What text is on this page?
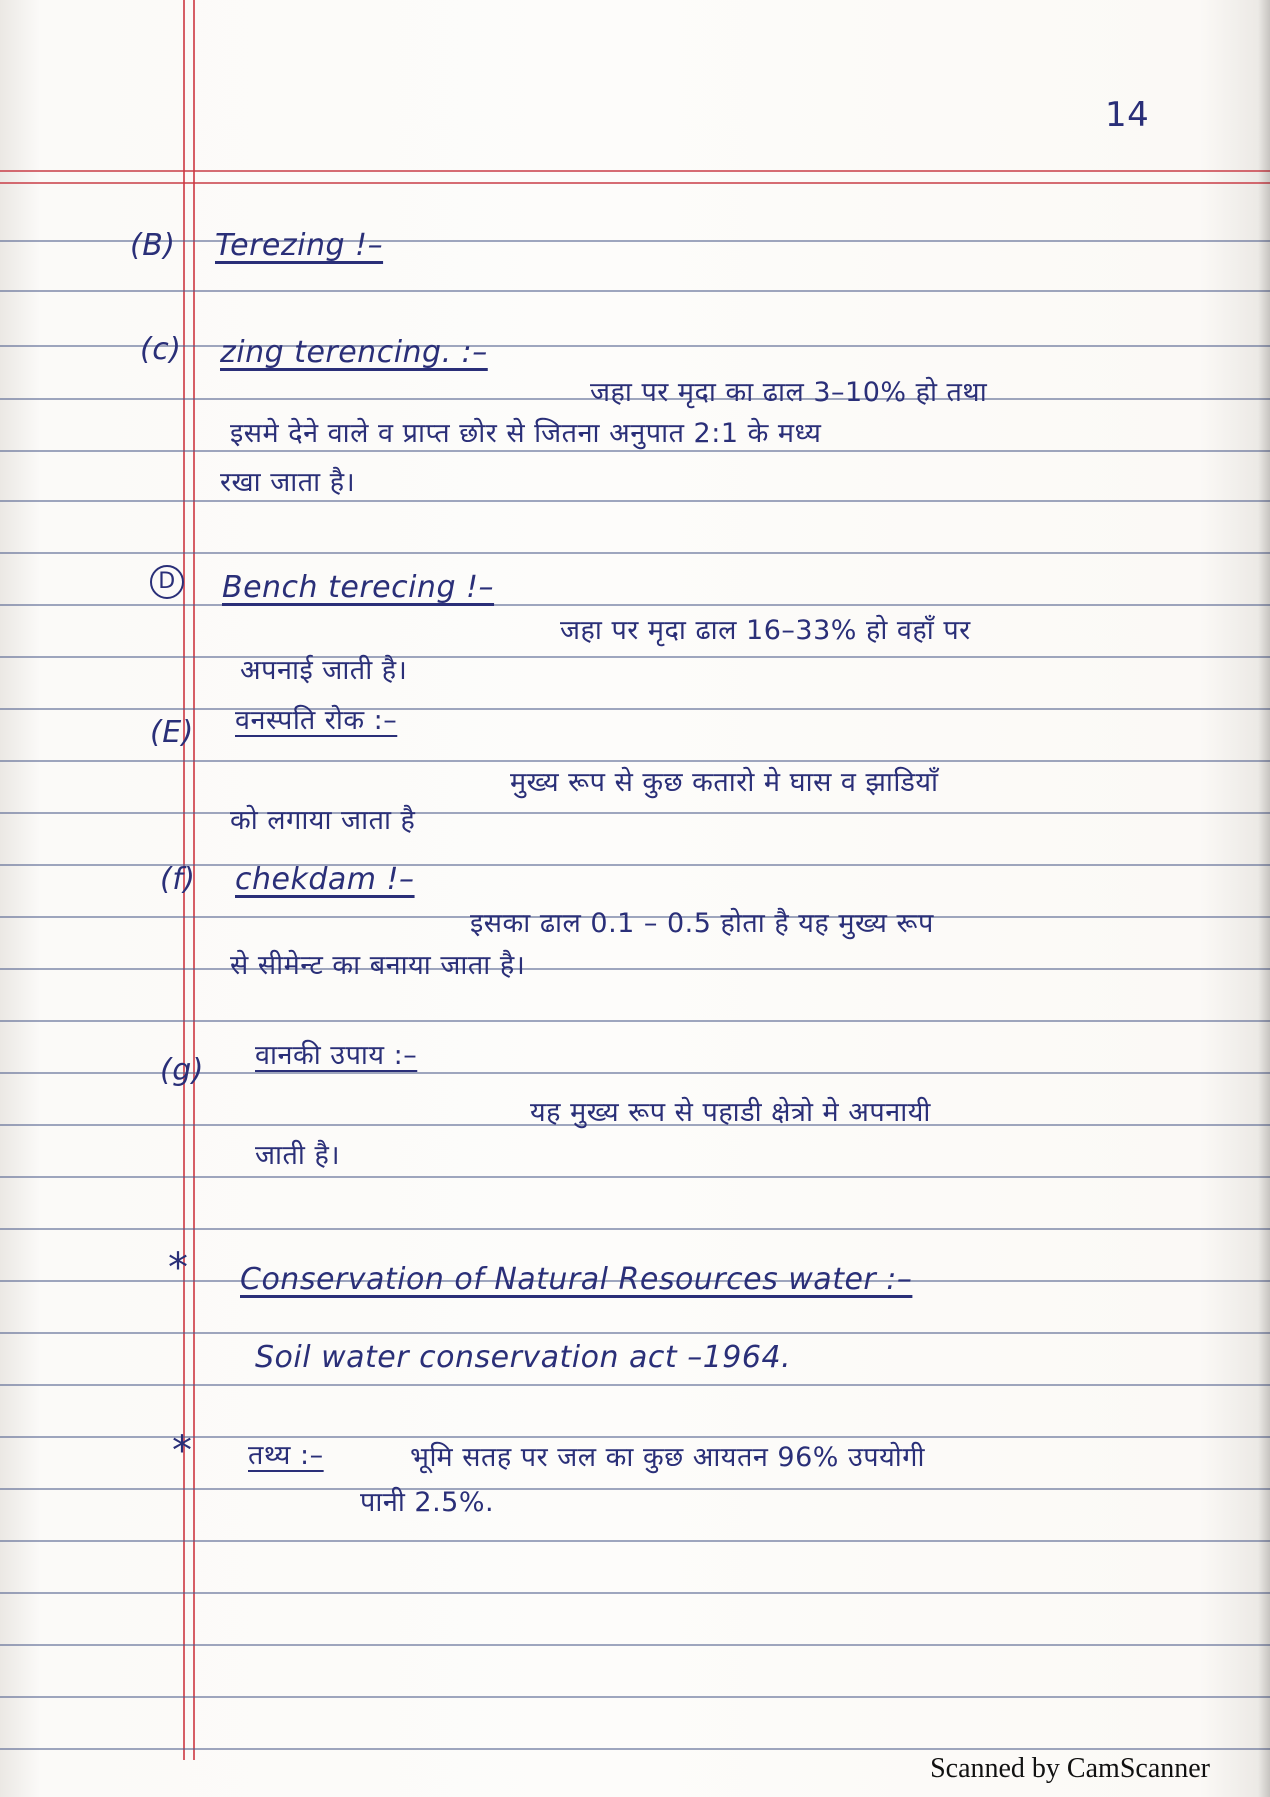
14
(B) Terezing !–
(c) zing terencing. :–
जहा पर मृदा का ढाल 3–10% हो तथा
इसमे देने वाले व प्राप्त छोर से जितना अनुपात 2:1 के मध्य
रखा जाता है।
D Bench terecing !–
जहा पर मृदा ढाल 16–33% हो वहाँ पर
अपनाई जाती है।
(E) वनस्पति रोक :–
मुख्य रूप से कुछ कतारो मे घास व झाडियाँ
को लगाया जाता है
(f) chekdam !–
इसका ढाल 0.1 – 0.5 होता है यह मुख्य रूप
से सीमेन्ट का बनाया जाता है।
(g) वानकी उपाय :–
यह मुख्य रूप से पहाडी क्षेत्रो मे अपनायी
जाती है।
* Conservation of Natural Resources water :–
Soil water conservation act –1964.
* तथ्य :–	भूमि सतह पर जल का कुछ आयतन 96% उपयोगी
पानी 2.5%.
Scanned by CamScanner
